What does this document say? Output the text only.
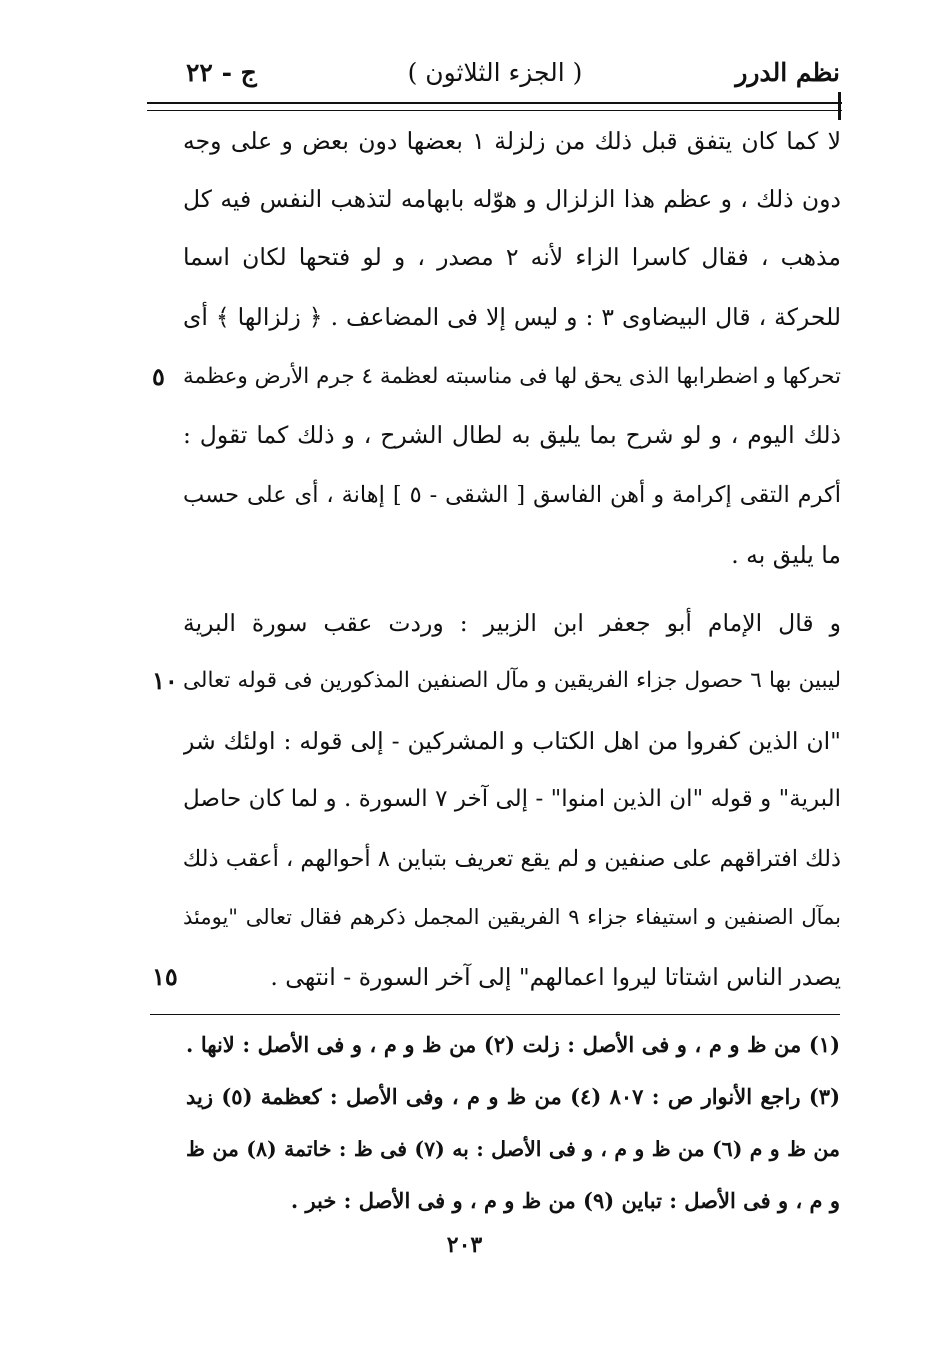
نظم الدرر
( الجزء الثلاثون )
ج - ٢٢
لا كما كان يتفق قبل ذلك من زلزلة ١ بعضها دون بعض و على وجه
دون ذلك ، و عظم هذا الزلزال و هوّله بابهامه لتذهب النفس فيه كل
مذهب ، فقال كاسرا الزاء لأنه ٢ مصدر ، و لو فتحها لكان اسما
للحركة ، قال البيضاوى ٣ : و ليس إلا فى المضاعف . ﴿ زلزالها ﴾ أى
تحركها و اضطرابها الذى يحق لها فى مناسبته لعظمة ٤ جرم الأرض وعظمة
ذلك اليوم ، و لو شرح بما يليق به لطال الشرح ، و ذلك كما تقول :
أكرم التقى إكرامة و أهن الفاسق [ الشقى - ٥ ] إهانة ، أى على حسب
ما يليق به .
و قال الإمام أبو جعفر ابن الزبير : وردت عقب سورة البرية
ليبين بها ٦ حصول جزاء الفريقين و مآل الصنفين المذكورين فى قوله تعالى
"ان الذين كفروا من اهل الكتاب و المشركين - إلى قوله : اولئك شر
البرية" و قوله "ان الذين امنوا" - إلى آخر ٧ السورة . و لما كان حاصل
ذلك افتراقهم على صنفين و لم يقع تعريف بتباين ٨ أحوالهم ، أعقب ذلك
بمآل الصنفين و استيفاء جزاء ٩ الفريقين المجمل ذكرهم فقال تعالى "يومئذ
يصدر الناس اشتاتا ليروا اعمالهم" إلى آخر السورة - انتهى .
٥
١٠
١٥
(١) من ظ و م ، و فى الأصل : زلت (٢) من ظ و م ، و فى الأصل : لانها .
(٣) راجع الأنوار ص : ٨٠٧ (٤) من ظ و م ، وفى الأصل : كعظمة (٥) زيد
من ظ و م (٦) من ظ و م ، و فى الأصل : به (٧) فى ظ : خاتمة (٨) من ظ
و م ، و فى الأصل : تباين (٩) من ظ و م ، و فى الأصل : خبر .
٢٠٣
